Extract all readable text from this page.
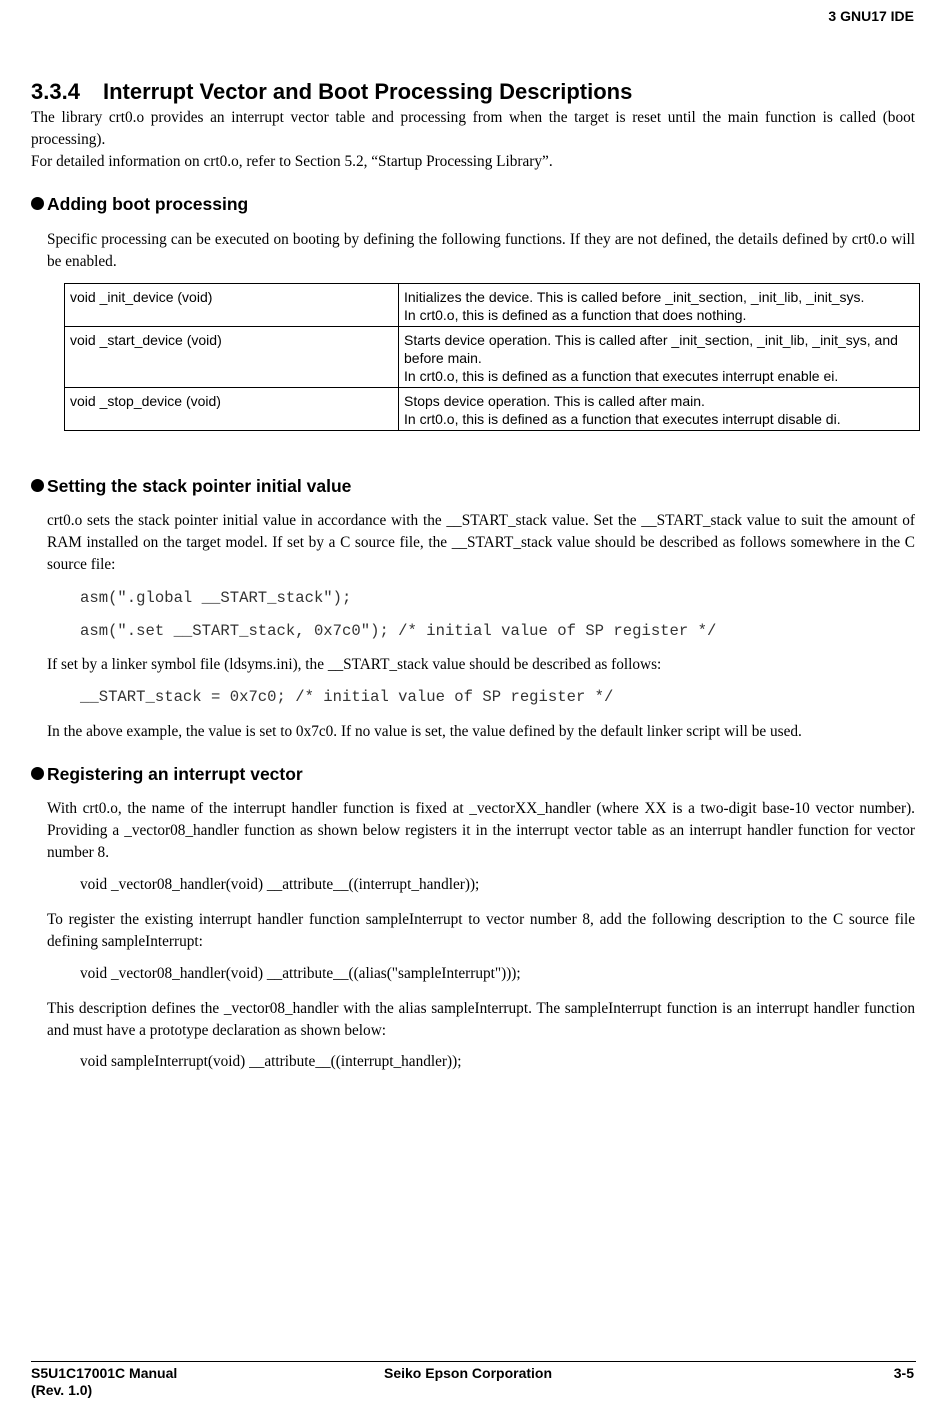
3 GNU17 IDE
3.3.4 Interrupt Vector and Boot Processing Descriptions
The library crt0.o provides an interrupt vector table and processing from when the target is reset until the main function is called (boot processing).
For detailed information on crt0.o, refer to Section 5.2, “Startup Processing Library”.
Adding boot processing
Specific processing can be executed on booting by defining the following functions. If they are not defined, the details defined by crt0.o will be enabled.
void _init_device (void)	Initializes the device. This is called before _init_section, _init_lib, _init_sys.
In crt0.o, this is defined as a function that does nothing.

void _start_device (void)	Starts device operation. This is called after _init_section, _init_lib, _init_sys, and before main.
In crt0.o, this is defined as a function that executes interrupt enable ei.

void _stop_device (void)	Stops device operation. This is called after main.
In crt0.o, this is defined as a function that executes interrupt disable di.
Setting the stack pointer initial value
crt0.o sets the stack pointer initial value in accordance with the __START_stack value. Set the __START_stack value to suit the amount of RAM installed on the target model. If set by a C source file, the __START_stack value should be described as follows somewhere in the C source file:
asm(".global __START_stack");
asm(".set __START_stack, 0x7c0"); /* initial value of SP register */
If set by a linker symbol file (ldsyms.ini), the __START_stack value should be described as follows:
__START_stack = 0x7c0; /* initial value of SP register */
In the above example, the value is set to 0x7c0. If no value is set, the value defined by the default linker script will be used.
Registering an interrupt vector
With crt0.o, the name of the interrupt handler function is fixed at _vectorXX_handler (where XX is a two-digit base-10 vector number). Providing a _vector08_handler function as shown below registers it in the interrupt vector table as an interrupt handler function for vector number 8.
void _vector08_handler(void) __attribute__((interrupt_handler));
To register the existing interrupt handler function sampleInterrupt to vector number 8, add the following description to the C source file defining sampleInterrupt:
void _vector08_handler(void) __attribute__((alias("sampleInterrupt")));
This description defines the _vector08_handler with the alias sampleInterrupt. The sampleInterrupt function is an interrupt handler function and must have a prototype declaration as shown below:
void sampleInterrupt(void) __attribute__((interrupt_handler));
S5U1C17001C Manual
(Rev. 1.0)
Seiko Epson Corporation	3-5
